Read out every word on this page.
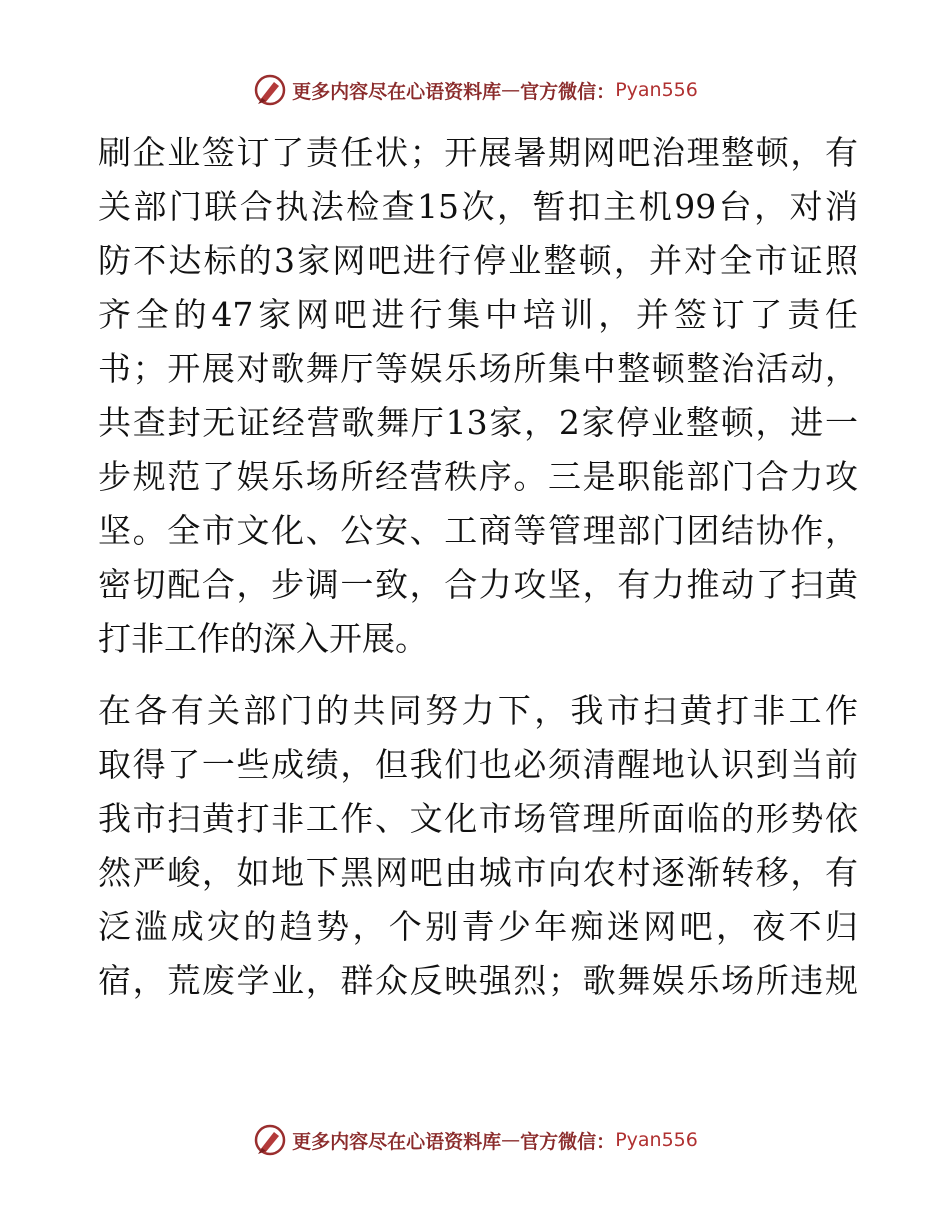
更多内容尽在心语资料库 — 官方微信： Pyan556
刷企业签订了责任状；开展暑期网吧治理整顿，有
关部门联合执法检查15次，暂扣主机99台，对消
防不达标的3家网吧进行停业整顿，并对全市证照
齐全的47家网吧进行集中培训，并签订了责任
书；开展对歌舞厅等娱乐场所集中整顿整治活动，
共查封无证经营歌舞厅13家，2家停业整顿，进一
步规范了娱乐场所经营秩序。三是职能部门合力攻
坚。全市文化、公安、工商等管理部门团结协作，
密切配合，步调一致，合力攻坚，有力推动了扫黄
打非工作的深入开展。
在各有关部门的共同努力下，我市扫黄打非工作
取得了一些成绩，但我们也必须清醒地认识到当前
我市扫黄打非工作、文化市场管理所面临的形势依
然严峻，如地下黑网吧由城市向农村逐渐转移，有
泛滥成灾的趋势，个别青少年痴迷网吧，夜不归
宿，荒废学业，群众反映强烈；歌舞娱乐场所违规
更多内容尽在心语资料库 — 官方微信： Pyan556
